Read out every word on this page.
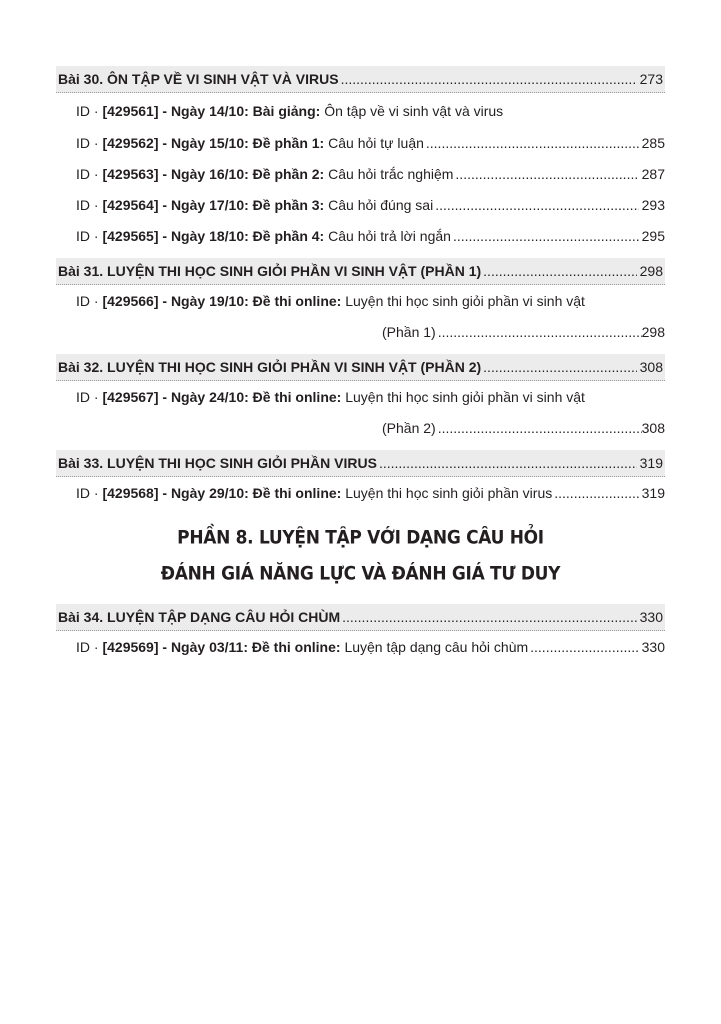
Bài 30. ÔN TẬP VỀ VI SINH VẬT VÀ VIRUS .....	273
ID · [429561] - Ngày 14/10: Bài giảng: Ôn tập về vi sinh vật và virus
ID · [429562] - Ngày 15/10: Đề phần 1: Câu hỏi tự luận .....	285
ID · [429563] - Ngày 16/10: Đề phần 2: Câu hỏi trắc nghiệm .....	287
ID · [429564] - Ngày 17/10: Đề phần 3: Câu hỏi đúng sai .....	293
ID · [429565] - Ngày 18/10: Đề phần 4: Câu hỏi trả lời ngắn .....	295
Bài 31. LUYỆN THI HỌC SINH GIỎI PHẦN VI SINH VẬT (PHẦN 1) .....	298
ID · [429566] - Ngày 19/10: Đề thi online: Luyện thi học sinh giỏi phần vi sinh vật
(Phần 1) .....	298
Bài 32. LUYỆN THI HỌC SINH GIỎI PHẦN VI SINH VẬT (PHẦN 2) .....	308
ID · [429567] - Ngày 24/10: Đề thi online: Luyện thi học sinh giỏi phần vi sinh vật
(Phần 2) .....	308
Bài 33. LUYỆN THI HỌC SINH GIỎI PHẦN VIRUS .....	319
ID · [429568] - Ngày 29/10: Đề thi online: Luyện thi học sinh giỏi phần virus .....	319
PHẦN 8. LUYỆN TẬP VỚI DẠNG CÂU HỎI
ĐÁNH GIÁ NĂNG LỰC VÀ ĐÁNH GIÁ TƯ DUY
Bài 34. LUYỆN TẬP DẠNG CÂU HỎI CHÙM .....	330
ID · [429569] - Ngày 03/11: Đề thi online: Luyện tập dạng câu hỏi chùm .....	330
